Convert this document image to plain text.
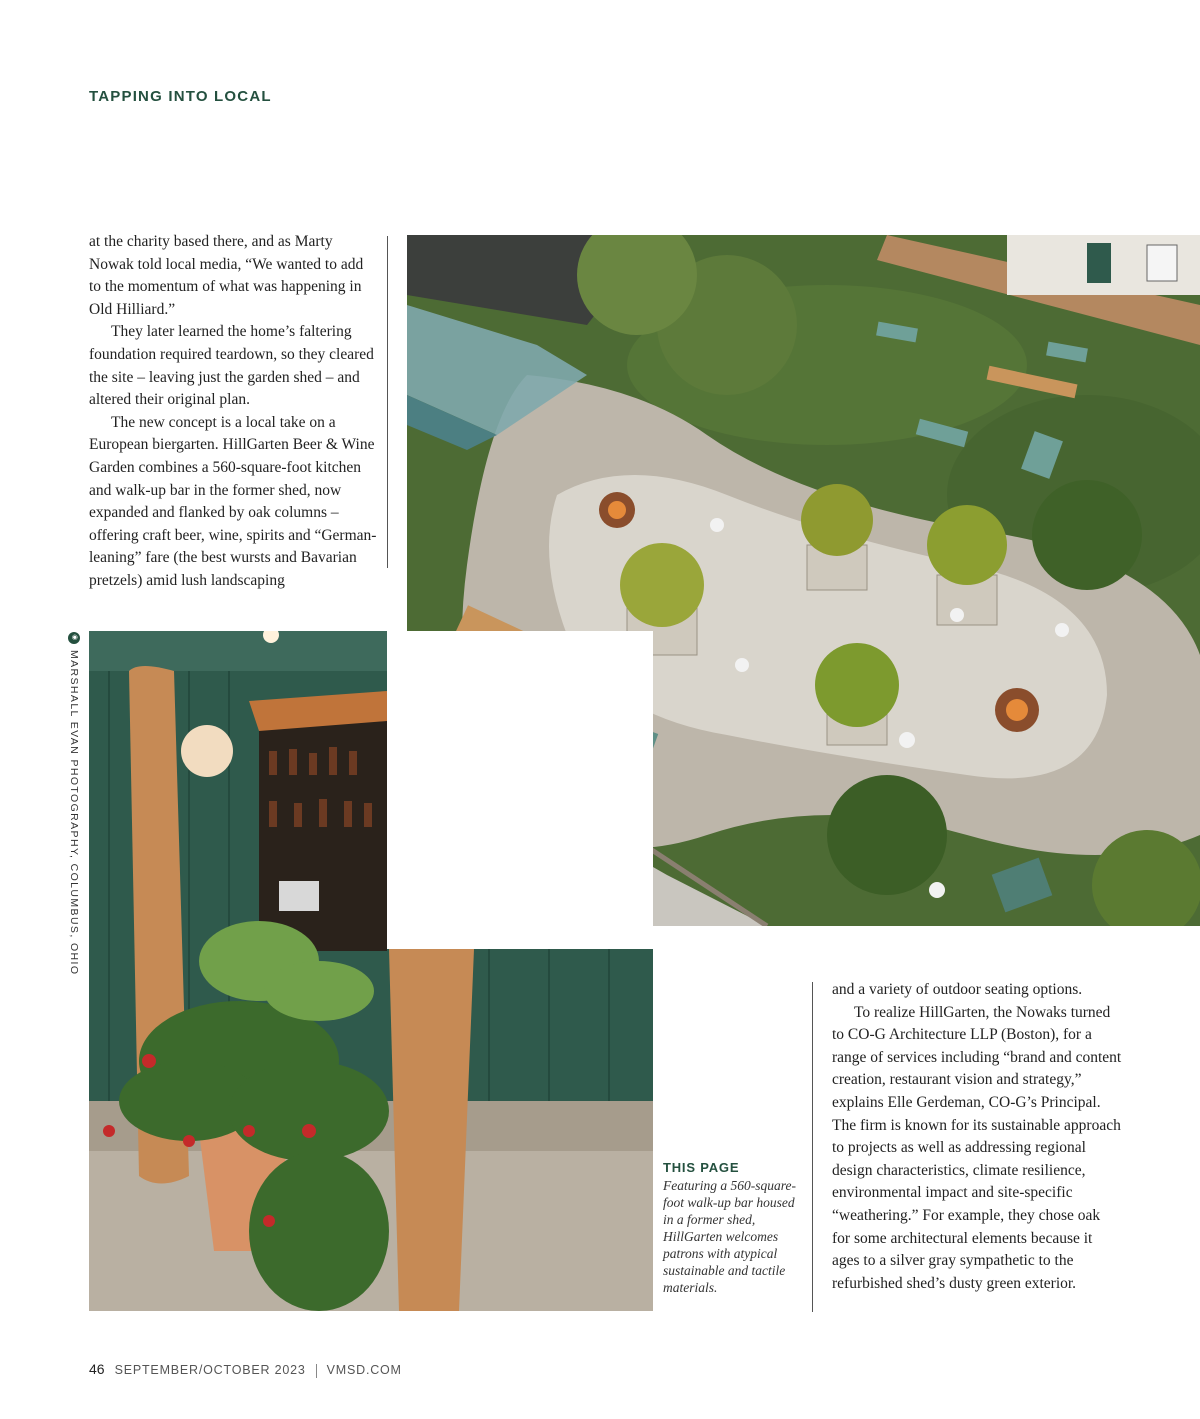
TAPPING INTO LOCAL

at the charity based there, and as Marty Nowak told local media, “We wanted to add to the momentum of what was happening in Old Hilliard.”

They later learned the home’s faltering foundation required teardown, so they cleared the site – leaving just the garden shed – and altered their original plan.

The new concept is a local take on a European biergarten. HillGarten Beer & Wine Garden combines a 560-square-foot kitchen and walk-up bar in the former shed, now expanded and flanked by oak columns – offering craft beer, wine, spirits and “German-leaning” fare (the best wursts and Bavarian pretzels) amid lush landscaping

◉MARSHALL EVAN PHOTOGRAPHY, COLUMBUS, OHIO
THIS PAGE
Featuring a 560-square-foot walk-up bar housed in a former shed, HillGarten welcomes patrons with atypical sustainable and tactile materials.

and a variety of outdoor seating options.

To realize HillGarten, the Nowaks turned to CO-G Architecture LLP (Boston), for a range of services including “brand and content creation, restaurant vision and strategy,” explains Elle Gerdeman, CO-G’s Principal. The firm is known for its sustainable approach to projects as well as addressing regional design characteristics, climate resilience, environmental impact and site-specific “weathering.” For example, they chose oak for some architectural elements because it ages to a silver gray sympathetic to the refurbished shed’s dusty green exterior.

46 SEPTEMBER/OCTOBER 2023 VMSD.COM
